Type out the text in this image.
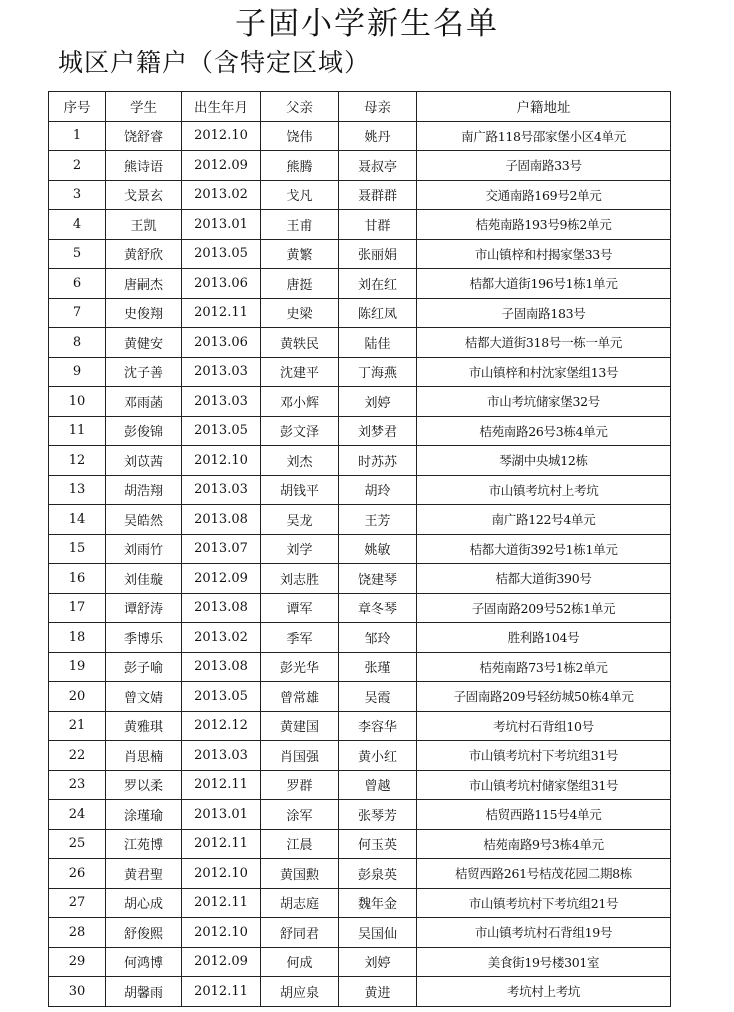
子固小学新生名单
城区户籍户（含特定区域）
序号	学生	出生年月	父亲	母亲	户籍地址
1	饶舒睿	2012.10	饶伟	姚丹	南广路118号邵家堡小区4单元
2	熊诗语	2012.09	熊腾	聂叔亭	子固南路33号
3	戈景玄	2013.02	戈凡	聂群群	交通南路169号2单元
4	王凯	2013.01	王甫	甘群	桔苑南路193号9栋2单元
5	黄舒欣	2013.05	黄繁	张丽娟	市山镇梓和村揭家堡33号
6	唐嗣杰	2013.06	唐挺	刘在红	桔都大道街196号1栋1单元
7	史俊翔	2012.11	史梁	陈红凤	子固南路183号
8	黄健安	2013.06	黄轶民	陆佳	桔都大道街318号一栋一单元
9	沈子善	2013.03	沈建平	丁海燕	市山镇梓和村沈家堡组13号
10	邓雨菡	2013.03	邓小辉	刘婷	市山考坑储家堡32号
11	彭俊锦	2013.05	彭文泽	刘梦君	桔苑南路26号3栋4单元
12	刘苡茜	2012.10	刘杰	时苏苏	琴湖中央城12栋
13	胡浩翔	2013.03	胡钱平	胡玲	市山镇考坑村上考坑
14	吴皓然	2013.08	吴龙	王芳	南广路122号4单元
15	刘雨竹	2013.07	刘学	姚敏	桔都大道街392号1栋1单元
16	刘佳璇	2012.09	刘志胜	饶建琴	桔都大道街390号
17	谭舒涛	2013.08	谭军	章冬琴	子固南路209号52栋1单元
18	季博乐	2013.02	季军	邹玲	胜利路104号
19	彭子喻	2013.08	彭光华	张瑾	桔苑南路73号1栋2单元
20	曾文婧	2013.05	曾常雄	吴霞	子固南路209号轻纺城50栋4单元
21	黄雅琪	2012.12	黄建国	李容华	考坑村石背组10号
22	肖思楠	2013.03	肖国强	黄小红	市山镇考坑村下考坑组31号
23	罗以柔	2012.11	罗群	曾越	市山镇考坑村储家堡组31号
24	涂瑾瑜	2013.01	涂军	张琴芳	桔贸西路115号4单元
25	江苑博	2012.11	江晨	何玉英	桔苑南路9号3栋4单元
26	黄君聖	2012.10	黄国勲	彭泉英	桔贸西路261号桔茂花园二期8栋
27	胡心成	2012.11	胡志庭	魏年金	市山镇考坑村下考坑组21号
28	舒俊熙	2012.10	舒同君	吴国仙	市山镇考坑村石背组19号
29	何鸿博	2012.09	何成	刘婷	美食街19号楼301室
30	胡馨雨	2012.11	胡应泉	黄进	考坑村上考坑
